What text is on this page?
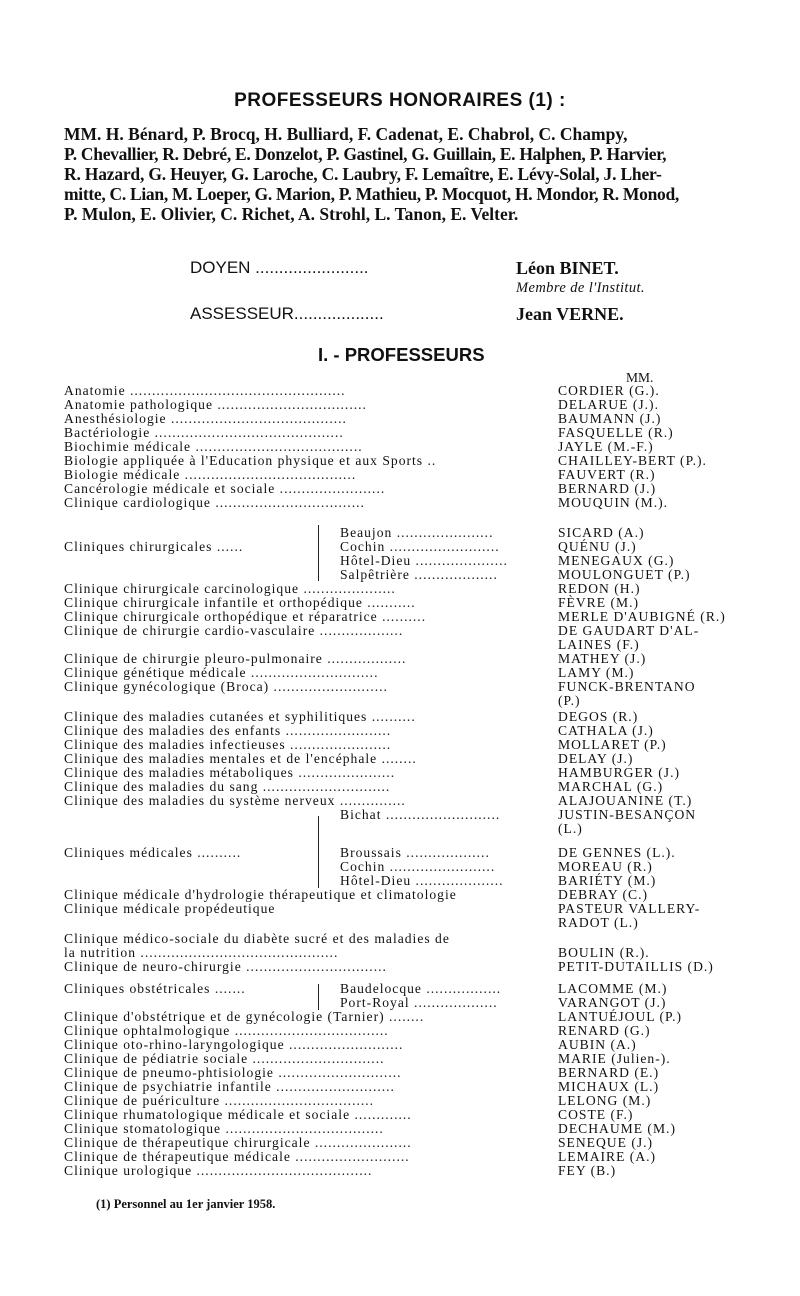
PROFESSEURS HONORAIRES (1) :
MM. H. Bénard, P. Brocq, H. Bulliard, F. Cadenat, E. Chabrol, C. Champy,
P. Chevallier, R. Debré, E. Donzelot, P. Gastinel, G. Guillain, E. Halphen, P. Harvier,
R. Hazard, G. Heuyer, G. Laroche, C. Laubry, F. Lemaître, E. Lévy-Solal, J. Lher-
mitte, C. Lian, M. Loeper, G. Marion, P. Mathieu, P. Mocquot, H. Mondor, R. Monod,
P. Mulon, E. Olivier, C. Richet, A. Strohl, L. Tanon, E. Velter.
DOYEN ........................	Léon BINET.
Membre de l'Institut.
ASSESSEUR...................	Jean VERNE.
I. - PROFESSEURS
MM.
Anatomie .................................................	CORDIER (G.).
Anatomie pathologique ..................................	DELARUE (J.).
Anesthésiologie ........................................	BAUMANN (J.)
Bactériologie ...........................................	FASQUELLE (R.)
Biochimie médicale ......................................	JAYLE (M.-F.)
Biologie appliquée à l'Education physique et aux Sports ..	CHAILLEY-BERT (P.).
Biologie médicale .......................................	FAUVERT (R.)
Cancérologie médicale et sociale ........................	BERNARD (J.)
Clinique cardiologique ..................................	MOUQUIN (M.).
Beaujon ......................	SICARD (A.)
Cliniques chirurgicales ......	Cochin .........................	QUÉNU (J.)
Hôtel-Dieu .....................	MENEGAUX (G.)
Salpêtrière ...................	MOULONGUET (P.)
Clinique chirurgicale carcinologique .....................	REDON (H.)
Clinique chirurgicale infantile et orthopédique ...........	FÈVRE (M.)
Clinique chirurgicale orthopédique et réparatrice ..........	MERLE D'AUBIGNÉ (R.)
Clinique de chirurgie cardio-vasculaire ...................	DE GAUDART D'AL-
LAINES (F.)
Clinique de chirurgie pleuro-pulmonaire ..................	MATHEY (J.)
Clinique génétique médicale .............................	LAMY (M.)
Clinique gynécologique (Broca) ..........................	FUNCK-BRENTANO
(P.)
Clinique des maladies cutanées et syphilitiques ..........	DEGOS (R.)
Clinique des maladies des enfants ........................	CATHALA (J.)
Clinique des maladies infectieuses .......................	MOLLARET (P.)
Clinique des maladies mentales et de l'encéphale ........	DELAY (J.)
Clinique des maladies métaboliques ......................	HAMBURGER (J.)
Clinique des maladies du sang .............................	MARCHAL (G.)
Clinique des maladies du système nerveux ...............	ALAJOUANINE (T.)
Bichat ..........................	JUSTIN-BESANÇON
(L.)
Cliniques médicales ..........	Broussais ...................	DE GENNES (L.).
Cochin ........................	MOREAU (R.)
Hôtel-Dieu ....................	BARIÉTY (M.)
Clinique médicale d'hydrologie thérapeutique et climatologie	DEBRAY (C.)
Clinique médicale propédeutique	PASTEUR VALLERY-
RADOT (L.)
Clinique médico-sociale du diabète sucré et des maladies de
la nutrition .............................................	BOULIN (R.).
Clinique de neuro-chirurgie ................................	PETIT-DUTAILLIS (D.)
Cliniques obstétricales .......	Baudelocque .................	LACOMME (M.)
Port-Royal ...................	VARANGOT (J.)
Clinique d'obstétrique et de gynécologie (Tarnier) ........	LANTUÉJOUL (P.)
Clinique ophtalmologique ...................................	RENARD (G.)
Clinique oto-rhino-laryngologique ..........................	AUBIN (A.)
Clinique de pédiatrie sociale ..............................	MARIE (Julien-).
Clinique de pneumo-phtisiologie ............................	BERNARD (E.)
Clinique de psychiatrie infantile ...........................	MICHAUX (L.)
Clinique de puériculture ..................................	LELONG (M.)
Clinique rhumatologique médicale et sociale .............	COSTE (F.)
Clinique stomatologique ....................................	DECHAUME (M.)
Clinique de thérapeutique chirurgicale ......................	SENEQUE (J.)
Clinique de thérapeutique médicale ..........................	LEMAIRE (A.)
Clinique urologique ........................................	FEY (B.)
(1) Personnel au 1er janvier 1958.
